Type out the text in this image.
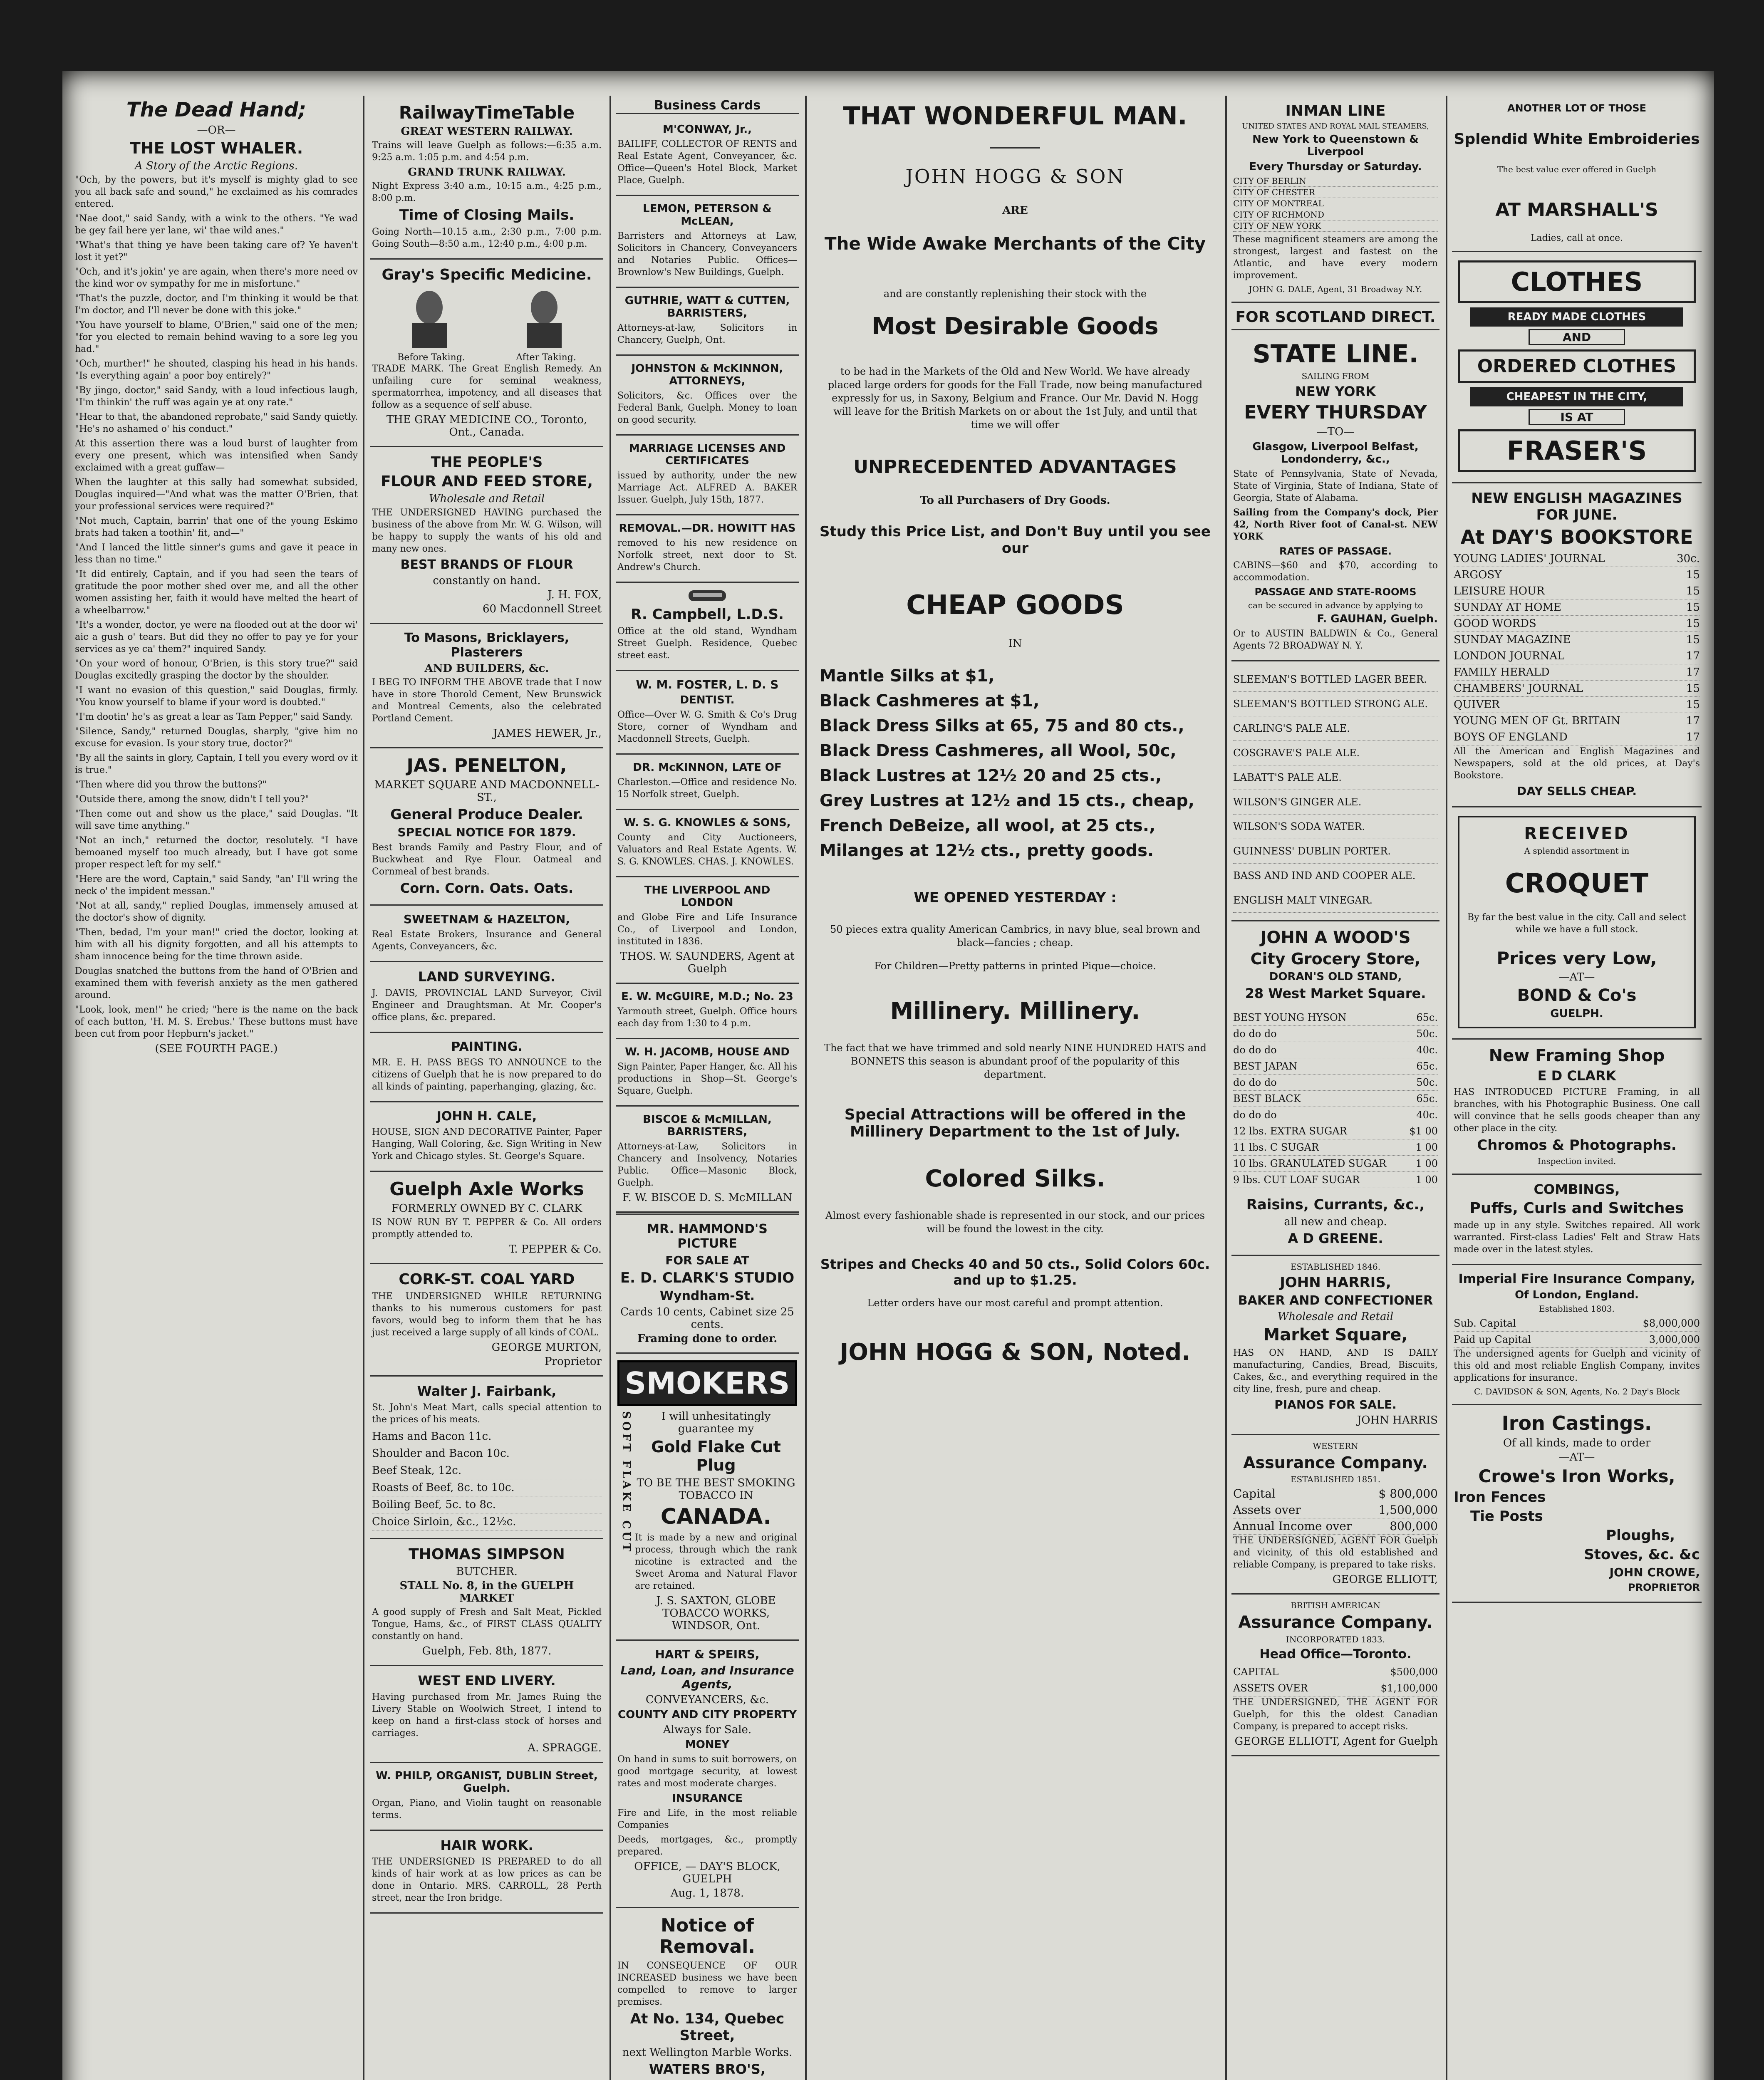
The Dead Hand;
—OR—
THE LOST WHALER.
A Story of the Arctic Regions.

"Och, by the powers, but it's myself is mighty glad to see you all back safe and sound," he exclaimed as his comrades entered.

"Nae doot," said Sandy, with a wink to the others. "Ye wad be gey fail here yer lane, wi' thae wild anes."

"What's that thing ye have been taking care of? Ye haven't lost it yet?"

"Och, and it's jokin' ye are again, when there's more need ov the kind wor ov sympathy for me in misfortune."

"That's the puzzle, doctor, and I'm thinking it would be that I'm doctor, and I'll never be done with this joke."

"You have yourself to blame, O'Brien," said one of the men; "for you elected to remain behind waving to a sore leg you had."

"Och, murther!" he shouted, clasping his head in his hands. "Is everything again' a poor boy entirely?"

"By jingo, doctor," said Sandy, with a loud infectious laugh, "I'm thinkin' the ruff was again ye at ony rate."

"Hear to that, the abandoned reprobate," said Sandy quietly. "He's no ashamed o' his conduct."

At this assertion there was a loud burst of laughter from every one present, which was intensified when Sandy exclaimed with a great guffaw—

When the laughter at this sally had somewhat subsided, Douglas inquired—"And what was the matter O'Brien, that your professional services were required?"

"Not much, Captain, barrin' that one of the young Eskimo brats had taken a toothin' fit, and—"

"And I lanced the little sinner's gums and gave it peace in less than no time."

"It did entirely, Captain, and if you had seen the tears of gratitude the poor mother shed over me, and all the other women assisting her, faith it would have melted the heart of a wheelbarrow."

"It's a wonder, doctor, ye were na flooded out at the door wi' aic a gush o' tears. But did they no offer to pay ye for your services as ye ca' them?" inquired Sandy.

"On your word of honour, O'Brien, is this story true?" said Douglas excitedly grasping the doctor by the shoulder.

"I want no evasion of this question," said Douglas, firmly. "You know yourself to blame if your word is doubted."

"I'm dootin' he's as great a lear as Tam Pepper," said Sandy.

"Silence, Sandy," returned Douglas, sharply, "give him no excuse for evasion. Is your story true, doctor?"

"By all the saints in glory, Captain, I tell you every word ov it is true."

"Then where did you throw the buttons?"

"Outside there, among the snow, didn't I tell you?"

"Then come out and show us the place," said Douglas. "It will save time anything."

"Not an inch," returned the doctor, resolutely. "I have bemoaned myself too much already, but I have got some proper respect left for my self."

"Here are the word, Captain," said Sandy, "an' I'll wring the neck o' the impident messan."

"Not at all, sandy," replied Douglas, immensely amused at the doctor's show of dignity.

"Then, bedad, I'm your man!" cried the doctor, looking at him with all his dignity forgotten, and all his attempts to sham innocence being for the time thrown aside.

Douglas snatched the buttons from the hand of O'Brien and examined them with feverish anxiety as the men gathered around.

"Look, look, men!" he cried; "here is the name on the back of each button, 'H. M. S. Erebus.' These buttons must have been cut from poor Hepburn's jacket."

(SEE FOURTH PAGE.)
RailwayTimeTable
GREAT WESTERN RAILWAY.

Trains will leave Guelph as follows:—6:35 a.m. 9:25 a.m. 1:05 p.m. and 4:54 p.m.

GRAND TRUNK RAILWAY.

Night Express 3:40 a.m., 10:15 a.m., 4:25 p.m., 8:00 p.m.

Time of Closing Mails.

Going North—10.15 a.m., 2:30 p.m., 7:00 p.m. Going South—8:50 a.m., 12:40 p.m., 4:00 p.m.

Gray's Specific Medicine.
Before Taking.	After Taking.

TRADE MARK. The Great English Remedy. An unfailing cure for seminal weakness, spermatorrhea, impotency, and all diseases that follow as a sequence of self abuse.

THE GRAY MEDICINE CO., Toronto, Ont., Canada.
THE PEOPLE'S
FLOUR AND FEED STORE,
Wholesale and Retail

THE UNDERSIGNED HAVING purchased the business of the above from Mr. W. G. Wilson, will be happy to supply the wants of his old and many new ones.

BEST BRANDS OF FLOUR
constantly on hand.
J. H. FOX,
60 Macdonnell Street
To Masons, Bricklayers, Plasterers
AND BUILDERS, &c.

I BEG TO INFORM THE ABOVE trade that I now have in store Thorold Cement, New Brunswick and Montreal Cements, also the celebrated Portland Cement.

JAMES HEWER, Jr.,
JAS. PENELTON,
MARKET SQUARE AND MACDONNELL-ST.,
General Produce Dealer.
SPECIAL NOTICE FOR 1879.

Best brands Family and Pastry Flour, and of Buckwheat and Rye Flour. Oatmeal and Cornmeal of best brands.

Corn. Corn. Oats. Oats.
SWEETNAM & HAZELTON,

Real Estate Brokers, Insurance and General Agents, Conveyancers, &c.

LAND SURVEYING.

J. DAVIS, PROVINCIAL LAND Surveyor, Civil Engineer and Draughtsman. At Mr. Cooper's office plans, &c. prepared.

PAINTING.

MR. E. H. PASS BEGS TO ANNOUNCE to the citizens of Guelph that he is now prepared to do all kinds of painting, paperhanging, glazing, &c.

JOHN H. CALE,

HOUSE, SIGN AND DECORATIVE Painter, Paper Hanging, Wall Coloring, &c. Sign Writing in New York and Chicago styles. St. George's Square.

Guelph Axle Works
FORMERLY OWNED BY C. CLARK

IS NOW RUN BY T. PEPPER & Co. All orders promptly attended to.

T. PEPPER & Co.
CORK-ST. COAL YARD

THE UNDERSIGNED WHILE RETURNING thanks to his numerous customers for past favors, would beg to inform them that he has just received a large supply of all kinds of COAL.

GEORGE MURTON,
Proprietor
Walter J. Fairbank,

St. John's Meat Mart, calls special attention to the prices of his meats.

Hams and Bacon 11c.
Shoulder and Bacon 10c.
Beef Steak, 12c.
Roasts of Beef, 8c. to 10c.
Boiling Beef, 5c. to 8c.
Choice Sirloin, &c., 12½c.
THOMAS SIMPSON
BUTCHER.
STALL No. 8, in the GUELPH MARKET

A good supply of Fresh and Salt Meat, Pickled Tongue, Hams, &c., of FIRST CLASS QUALITY constantly on hand.

Guelph, Feb. 8th, 1877.
WEST END LIVERY.

Having purchased from Mr. James Ruing the Livery Stable on Woolwich Street, I intend to keep on hand a first-class stock of horses and carriages.

A. SPRAGGE.
W. PHILP, ORGANIST, DUBLIN Street, Guelph.

Organ, Piano, and Violin taught on reasonable terms.

HAIR WORK.

THE UNDERSIGNED IS PREPARED to do all kinds of hair work at as low prices as can be done in Ontario. MRS. CARROLL, 28 Perth street, near the Iron bridge.

Business Cards
M'CONWAY, Jr.,

BAILIFF, COLLECTOR OF RENTS and Real Estate Agent, Conveyancer, &c. Office—Queen's Hotel Block, Market Place, Guelph.

LEMON, PETERSON & McLEAN,

Barristers and Attorneys at Law, Solicitors in Chancery, Conveyancers and Notaries Public. Offices—Brownlow's New Buildings, Guelph.

GUTHRIE, WATT & CUTTEN, BARRISTERS,

Attorneys-at-law, Solicitors in Chancery, Guelph, Ont.

JOHNSTON & McKINNON, ATTORNEYS,

Solicitors, &c. Offices over the Federal Bank, Guelph. Money to loan on good security.

MARRIAGE LICENSES AND CERTIFICATES

issued by authority, under the new Marriage Act. ALFRED A. BAKER Issuer. Guelph, July 15th, 1877.

REMOVAL.—DR. HOWITT HAS

removed to his new residence on Norfolk street, next door to St. Andrew's Church.

R. Campbell, L.D.S.

Office at the old stand, Wyndham Street Guelph. Residence, Quebec street east.

W. M. FOSTER, L. D. S
DENTIST.

Office—Over W. G. Smith & Co's Drug Store, corner of Wyndham and Macdonnell Streets, Guelph.

DR. McKINNON, LATE OF

Charleston.—Office and residence No. 15 Norfolk street, Guelph.

W. S. G. KNOWLES & SONS,

County and City Auctioneers, Valuators and Real Estate Agents. W. S. G. KNOWLES. CHAS. J. KNOWLES.

THE LIVERPOOL AND LONDON

and Globe Fire and Life Insurance Co., of Liverpool and London, instituted in 1836.

THOS. W. SAUNDERS, Agent at Guelph
E. W. McGUIRE, M.D.; No. 23

Yarmouth street, Guelph. Office hours each day from 1:30 to 4 p.m.

W. H. JACOMB, HOUSE AND

Sign Painter, Paper Hanger, &c. All his productions in Shop—St. George's Square, Guelph.

BISCOE & McMILLAN, BARRISTERS,

Attorneys-at-Law, Solicitors in Chancery and Insolvency, Notaries Public. Office—Masonic Block, Guelph.

F. W. BISCOE D. S. McMILLAN
MR. HAMMOND'S PICTURE
FOR SALE AT
E. D. CLARK'S STUDIO
Wyndham-St.
Cards 10 cents, Cabinet size 25 cents.
Framing done to order.
SMOKERS
SOFT FLAKE CUT	I will unhesitatingly guarantee my
Gold Flake Cut Plug
TO BE THE BEST SMOKING TOBACCO IN
CANADA.

It is made by a new and original process, through which the rank nicotine is extracted and the Sweet Aroma and Natural Flavor are retained.

J. S. SAXTON, GLOBE TOBACCO WORKS, WINDSOR, Ont.
HART & SPEIRS,
Land, Loan, and Insurance Agents,
CONVEYANCERS, &c.
COUNTY AND CITY PROPERTY
Always for Sale.
MONEY

On hand in sums to suit borrowers, on good mortgage security, at lowest rates and most moderate charges.

INSURANCE

Fire and Life, in the most reliable Companies

Deeds, mortgages, &c., promptly prepared.

OFFICE, — DAY'S BLOCK, GUELPH
Aug. 1, 1878.
Notice of Removal.

IN CONSEQUENCE OF OUR INCREASED business we have been compelled to remove to larger premises.

At No. 134, Quebec Street,
next Wellington Marble Works.
WATERS BRO'S,

THAT WONDERFUL MAN.
JOHN HOGG & SON
ARE
The Wide Awake Merchants of the City
and are constantly replenishing their stock with the
Most Desirable Goods

to be had in the Markets of the Old and New World. We have already placed large orders for goods for the Fall Trade, now being manufactured expressly for us, in Saxony, Belgium and France. Our Mr. David N. Hogg will leave for the British Markets on or about the 1st July, and until that time we will offer

UNPRECEDENTED ADVANTAGES
To all Purchasers of Dry Goods.
Study this Price List, and Don't Buy until you see our
CHEAP GOODS
IN
Mantle Silks at $1,
Black Cashmeres at $1,
Black Dress Silks at 65, 75 and 80 cts.,
Black Dress Cashmeres, all Wool, 50c,
Black Lustres at 12½ 20 and 25 cts.,
Grey Lustres at 12½ and 15 cts., cheap,
French DeBeize, all wool, at 25 cts.,
Milanges at 12½ cts., pretty goods.
WE OPENED YESTERDAY :

50 pieces extra quality American Cambrics, in navy blue, seal brown and black—fancies ; cheap.

For Children—Pretty patterns in printed Pique—choice.

Millinery. Millinery.

The fact that we have trimmed and sold nearly NINE HUNDRED HATS and BONNETS this season is abundant proof of the popularity of this department.

Special Attractions will be offered in the Millinery Department to the 1st of July.
Colored Silks.

Almost every fashionable shade is represented in our stock, and our prices will be found the lowest in the city.

Stripes and Checks 40 and 50 cts., Solid Colors 60c. and up to $1.25.

Letter orders have our most careful and prompt attention.

JOHN HOGG & SON, Noted.
INMAN LINE
UNITED STATES AND ROYAL MAIL STEAMERS,
New York to Queenstown & Liverpool
Every Thursday or Saturday.
CITY OF BERLIN
CITY OF CHESTER
CITY OF MONTREAL
CITY OF RICHMOND
CITY OF NEW YORK

These magnificent steamers are among the strongest, largest and fastest on the Atlantic, and have every modern improvement.

JOHN G. DALE, Agent, 31 Broadway N.Y.
FOR SCOTLAND DIRECT.
STATE LINE.
SAILING FROM
NEW YORK
EVERY THURSDAY
—TO—
Glasgow, Liverpool Belfast, Londonderry, &c.,

State of Pennsylvania, State of Nevada, State of Virginia, State of Indiana, State of Georgia, State of Alabama.

Sailing from the Company's dock, Pier 42, North River foot of Canal-st. NEW YORK

RATES OF PASSAGE.

CABINS—$60 and $70, according to accommodation.

PASSAGE AND STATE-ROOMS
can be secured in advance by applying to
F. GAUHAN, Guelph.

Or to AUSTIN BALDWIN & Co., General Agents 72 BROADWAY N. Y.

SLEEMAN'S BOTTLED LAGER BEER.
SLEEMAN'S BOTTLED STRONG ALE.
CARLING'S PALE ALE.
COSGRAVE'S PALE ALE.
LABATT'S PALE ALE.
WILSON'S GINGER ALE.
WILSON'S SODA WATER.
GUINNESS' DUBLIN PORTER.
BASS AND IND AND COOPER ALE.
ENGLISH MALT VINEGAR.
JOHN A WOOD'S
City Grocery Store,
DORAN'S OLD STAND,
28 West Market Square.
BEST YOUNG HYSON	65c.
do do do	50c.
do do do	40c.
BEST JAPAN	65c.
do do do	50c.
BEST BLACK	65c.
do do do	40c.
12 lbs. EXTRA SUGAR	$1 00
11 lbs. C SUGAR	1 00
10 lbs. GRANULATED SUGAR	1 00
9 lbs. CUT LOAF SUGAR	1 00
Raisins, Currants, &c.,
all new and cheap.
A D GREENE.
ESTABLISHED 1846.
JOHN HARRIS,
BAKER AND CONFECTIONER
Wholesale and Retail
Market Square,

HAS ON HAND, AND IS DAILY manufacturing, Candies, Bread, Biscuits, Cakes, &c., and everything required in the city line, fresh, pure and cheap.

PIANOS FOR SALE.
JOHN HARRIS
WESTERN
Assurance Company.
ESTABLISHED 1851.
Capital	$ 800,000
Assets over	1,500,000
Annual Income over	800,000

THE UNDERSIGNED, AGENT FOR Guelph and vicinity, of this old established and reliable Company, is prepared to take risks.

GEORGE ELLIOTT,
BRITISH AMERICAN
Assurance Company.
INCORPORATED 1833.
Head Office—Toronto.
CAPITAL	$500,000
ASSETS OVER	$1,100,000

THE UNDERSIGNED, THE AGENT FOR Guelph, for this the oldest Canadian Company, is prepared to accept risks.

GEORGE ELLIOTT, Agent for Guelph
ANOTHER LOT OF THOSE
Splendid White Embroideries
The best value ever offered in Guelph
AT MARSHALL'S
Ladies, call at once.
CLOTHES
READY MADE CLOTHES
AND
ORDERED CLOTHES
CHEAPEST IN THE CITY,
IS AT
FRASER'S
NEW ENGLISH MAGAZINES FOR JUNE.
At DAY'S BOOKSTORE
YOUNG LADIES' JOURNAL	30c.
ARGOSY	15
LEISURE HOUR	15
SUNDAY AT HOME	15
GOOD WORDS	15
SUNDAY MAGAZINE	15
LONDON JOURNAL	17
FAMILY HERALD	17
CHAMBERS' JOURNAL	15
QUIVER	15
YOUNG MEN OF Gt. BRITAIN	17
BOYS OF ENGLAND	17

All the American and English Magazines and Newspapers, sold at the old prices, at Day's Bookstore.

DAY SELLS CHEAP.
RECEIVED
A splendid assortment in
CROQUET

By far the best value in the city. Call and select while we have a full stock.

Prices very Low,
—AT—
BOND & Co's
GUELPH.
New Framing Shop
E D CLARK

HAS INTRODUCED PICTURE Framing, in all branches, with his Photographic Business. One call will convince that he sells goods cheaper than any other place in the city.

Chromos & Photographs.
Inspection invited.
COMBINGS,
Puffs, Curls and Switches

made up in any style. Switches repaired. All work warranted. First-class Ladies' Felt and Straw Hats made over in the latest styles.

Imperial Fire Insurance Company,
Of London, England.
Established 1803.
Sub. Capital	$8,000,000
Paid up Capital	3,000,000

The undersigned agents for Guelph and vicinity of this old and most reliable English Company, invites applications for insurance.

C. DAVIDSON & SON, Agents, No. 2 Day's Block
Iron Castings.
Of all kinds, made to order
—AT—
Crowe's Iron Works,
Iron Fences
Tie Posts
Ploughs,
Stoves, &c. &c
JOHN CROWE,
PROPRIETOR
